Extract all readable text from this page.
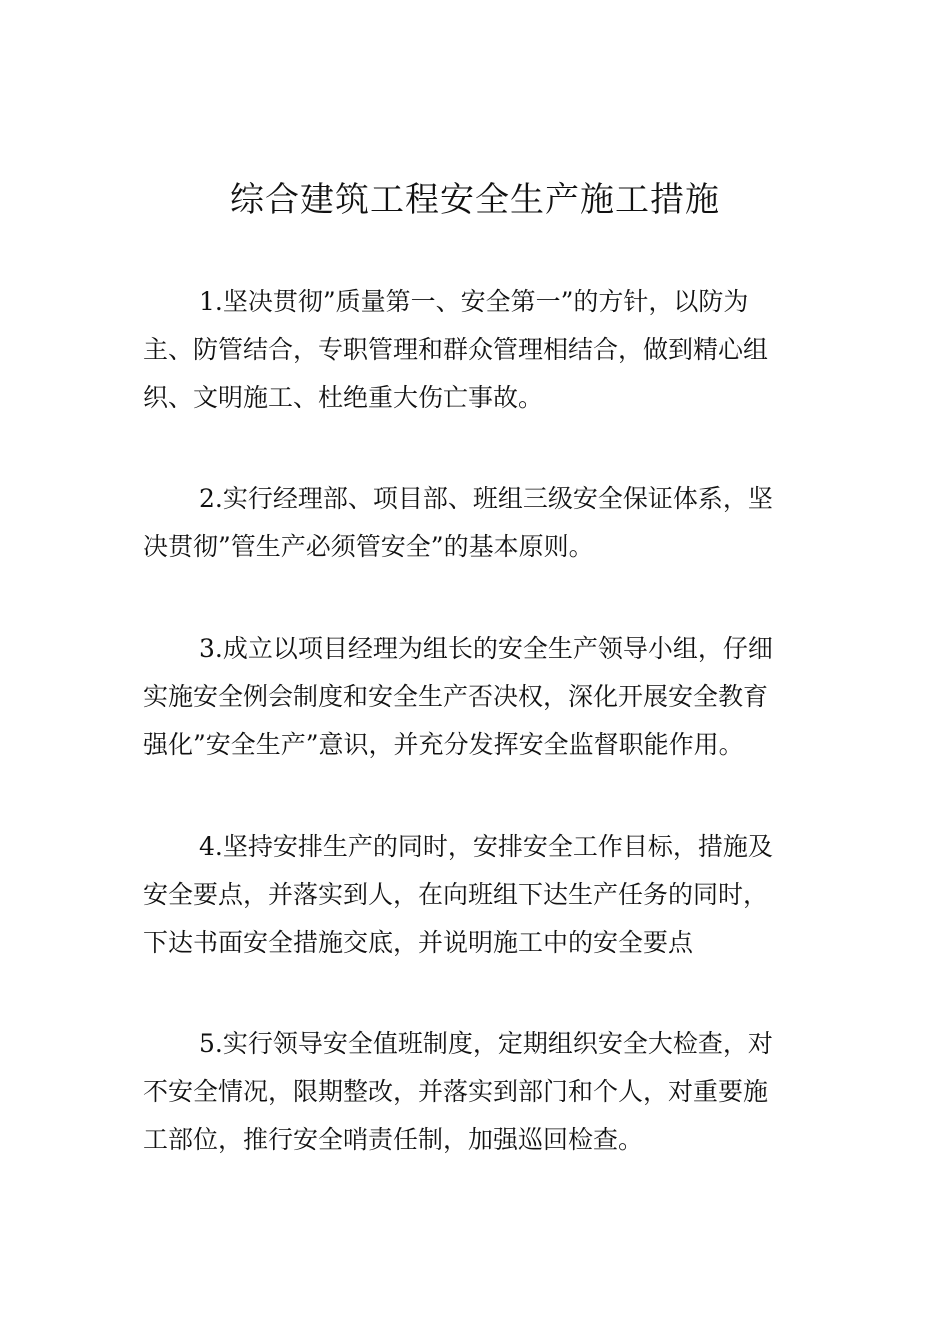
综合建筑工程安全生产施工措施
1.坚决贯彻”质量第一、安全第一”的方针，以防为
主、防管结合，专职管理和群众管理相结合，做到精心组
织、文明施工、杜绝重大伤亡事故。
2.实行经理部、项目部、班组三级安全保证体系，坚
决贯彻”管生产必须管安全”的基本原则。
3.成立以项目经理为组长的安全生产领导小组，仔细
实施安全例会制度和安全生产否决权，深化开展安全教育
强化”安全生产”意识，并充分发挥安全监督职能作用。
4.坚持安排生产的同时，安排安全工作目标，措施及
安全要点，并落实到人，在向班组下达生产任务的同时，
下达书面安全措施交底，并说明施工中的安全要点
5.实行领导安全值班制度，定期组织安全大检查，对
不安全情况，限期整改，并落实到部门和个人，对重要施
工部位，推行安全哨责任制，加强巡回检查。
